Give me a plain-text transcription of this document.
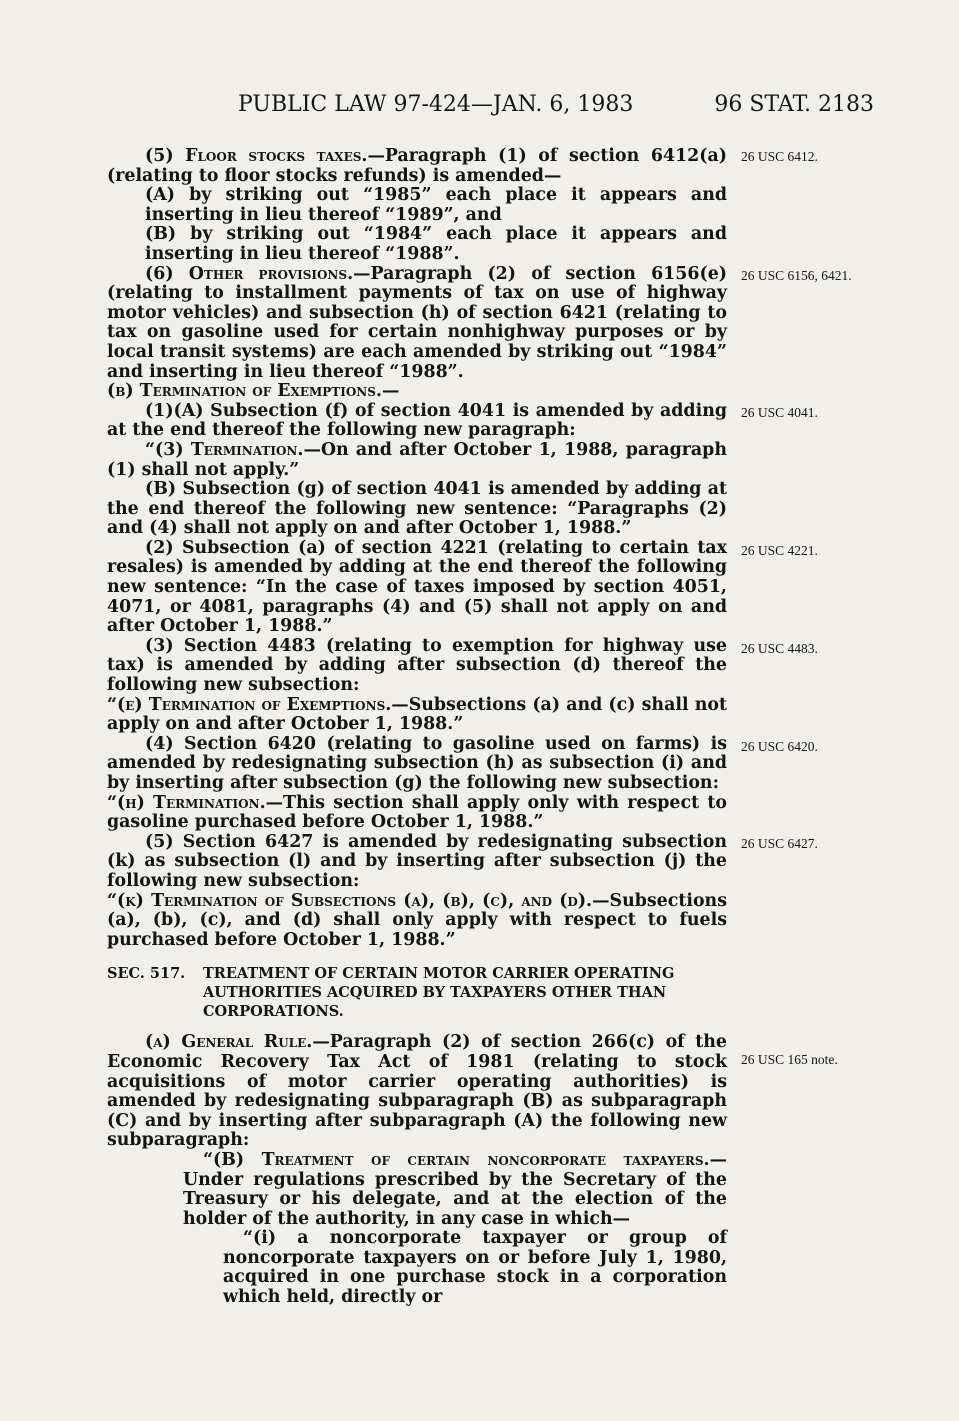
PUBLIC LAW 97-424—JAN. 6, 1983	96 STAT. 2183

(5) Floor stocks taxes.—Paragraph (1) of section 6412(a) (relating to floor stocks refunds) is amended—

(A) by striking out “1985” each place it appears and inserting in lieu thereof “1989”, and

(B) by striking out “1984” each place it appears and inserting in lieu thereof “1988”.

(6) Other provisions.—Paragraph (2) of section 6156(e) (relating to installment payments of tax on use of highway motor vehicles) and subsection (h) of section 6421 (relating to tax on gasoline used for certain nonhighway purposes or by local transit systems) are each amended by striking out “1984” and inserting in lieu thereof “1988”.

(b) Termination of Exemptions.—

(1)(A) Subsection (f) of section 4041 is amended by adding at the end thereof the following new paragraph:

“(3) Termination.—On and after October 1, 1988, paragraph (1) shall not apply.”

(B) Subsection (g) of section 4041 is amended by adding at the end thereof the following new sentence: “Paragraphs (2) and (4) shall not apply on and after October 1, 1988.”

(2) Subsection (a) of section 4221 (relating to certain tax resales) is amended by adding at the end thereof the following new sentence: “In the case of taxes imposed by section 4051, 4071, or 4081, paragraphs (4) and (5) shall not apply on and after October 1, 1988.”

(3) Section 4483 (relating to exemption for highway use tax) is amended by adding after subsection (d) thereof the following new subsection:

“(e) Termination of Exemptions.—Subsections (a) and (c) shall not apply on and after October 1, 1988.”

(4) Section 6420 (relating to gasoline used on farms) is amended by redesignating subsection (h) as subsection (i) and by inserting after subsection (g) the following new subsection:

“(h) Termination.—This section shall apply only with respect to gasoline purchased before October 1, 1988.”

(5) Section 6427 is amended by redesignating subsection (k) as subsection (l) and by inserting after subsection (j) the following new subsection:

“(k) Termination of Subsections (a), (b), (c), and (d).—Subsections (a), (b), (c), and (d) shall only apply with respect to fuels purchased before October 1, 1988.”

SEC. 517. TREATMENT OF CERTAIN MOTOR CARRIER OPERATING AUTHORITIES ACQUIRED BY TAXPAYERS OTHER THAN CORPORATIONS.

(a) General Rule.—Paragraph (2) of section 266(c) of the Economic Recovery Tax Act of 1981 (relating to stock acquisitions of motor carrier operating authorities) is amended by redesignating subparagraph (B) as subparagraph (C) and by inserting after subparagraph (A) the following new subparagraph:

“(B) Treatment of certain noncorporate taxpayers.—Under regulations prescribed by the Secretary of the Treasury or his delegate, and at the election of the holder of the authority, in any case in which—

“(i) a noncorporate taxpayer or group of noncorporate taxpayers on or before July 1, 1980, acquired in one purchase stock in a corporation which held, directly or

26 USC 6412.
26 USC 6156, 6421.
26 USC 4041.
26 USC 4221.
26 USC 4483.
26 USC 6420.
26 USC 6427.
26 USC 165 note.
